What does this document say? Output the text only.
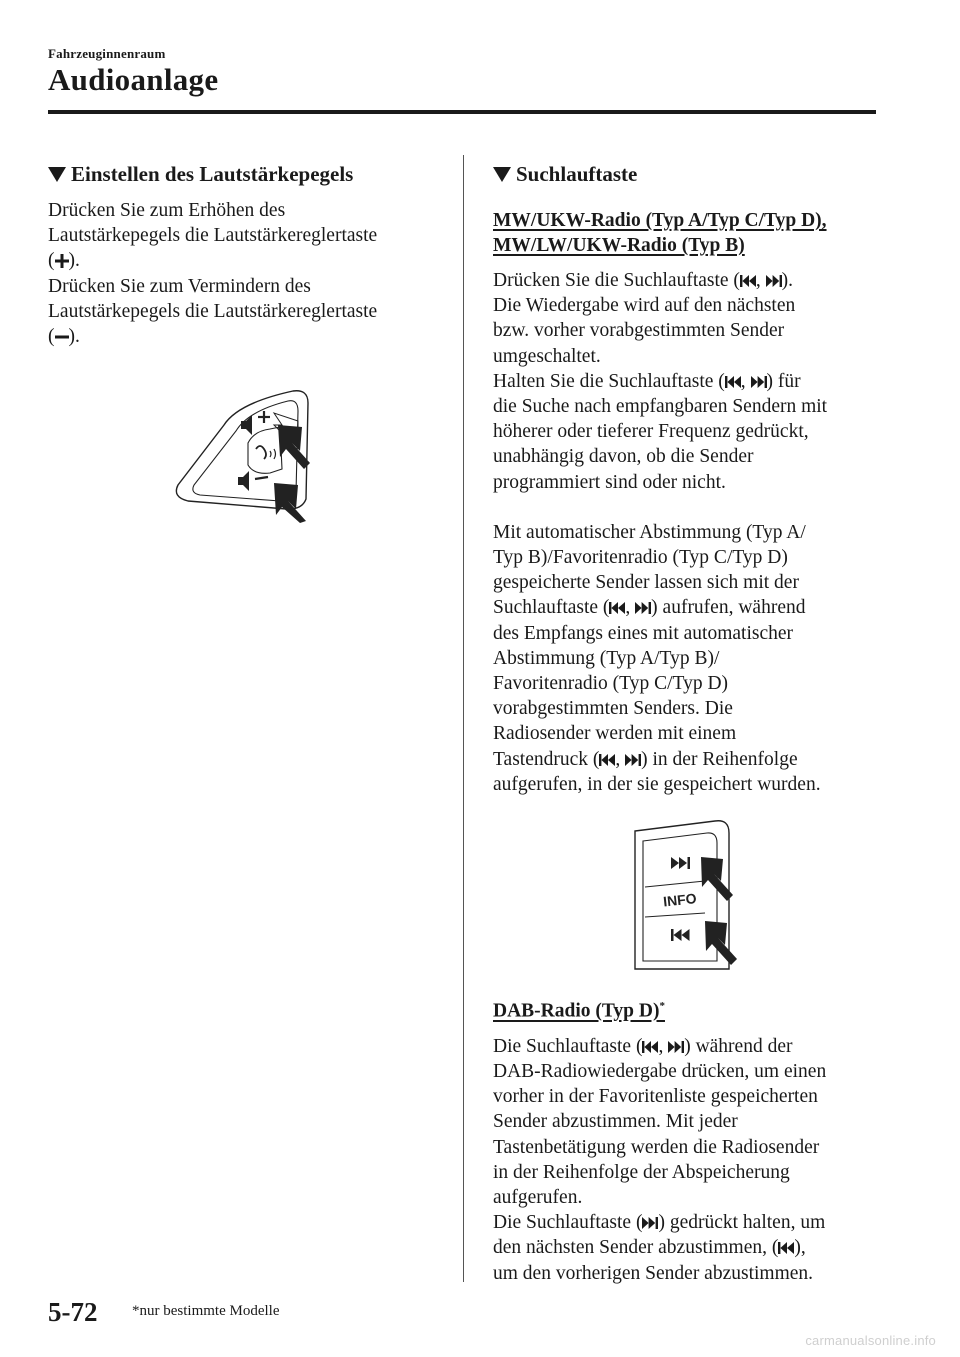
Fahrzeuginnenraum
Audioanlage
Einstellen des Lautstärkepegels

Drücken Sie zum Erhöhen des
Lautstärkepegels die Lautstärkereglertaste
( ).

Drücken Sie zum Vermindern des
Lautstärkepegels die Lautstärkereglertaste
( ).

Suchlauftaste
MW/UKW-Radio (Typ A/Typ C/Typ D),
MW/LW/UKW-Radio (Typ B)

Drücken Sie die Suchlauftaste ( , ).
Die Wiedergabe wird auf den nächsten
bzw. vorher vorabgestimmten Sender
umgeschaltet.
Halten Sie die Suchlauftaste ( , ) für
die Suche nach empfangbaren Sendern mit
höherer oder tieferer Frequenz gedrückt,
unabhängig davon, ob die Sender
programmiert sind oder nicht.

Mit automatischer Abstimmung (Typ A/
Typ B)/Favoritenradio (Typ C/Typ D)
gespeicherte Sender lassen sich mit der
Suchlauftaste ( , ) aufrufen, während
des Empfangs eines mit automatischer
Abstimmung (Typ A/Typ B)/
Favoritenradio (Typ C/Typ D)
vorabgestimmten Senders. Die
Radiosender werden mit einem
Tastendruck ( , ) in der Reihenfolge
aufgerufen, in der sie gespeichert wurden.

INFO
DAB-Radio (Typ D)*

Die Suchlauftaste ( , ) während der
DAB-Radiowiedergabe drücken, um einen
vorher in der Favoritenliste gespeicherten
Sender abzustimmen. Mit jeder
Tastenbetätigung werden die Radiosender
in der Reihenfolge der Abspeicherung
aufgerufen.
Die Suchlauftaste ( ) gedrückt halten, um
den nächsten Sender abzustimmen, ( ),
um den vorherigen Sender abzustimmen.

5-72 *nur bestimmte Modelle
carmanualsonline.info
